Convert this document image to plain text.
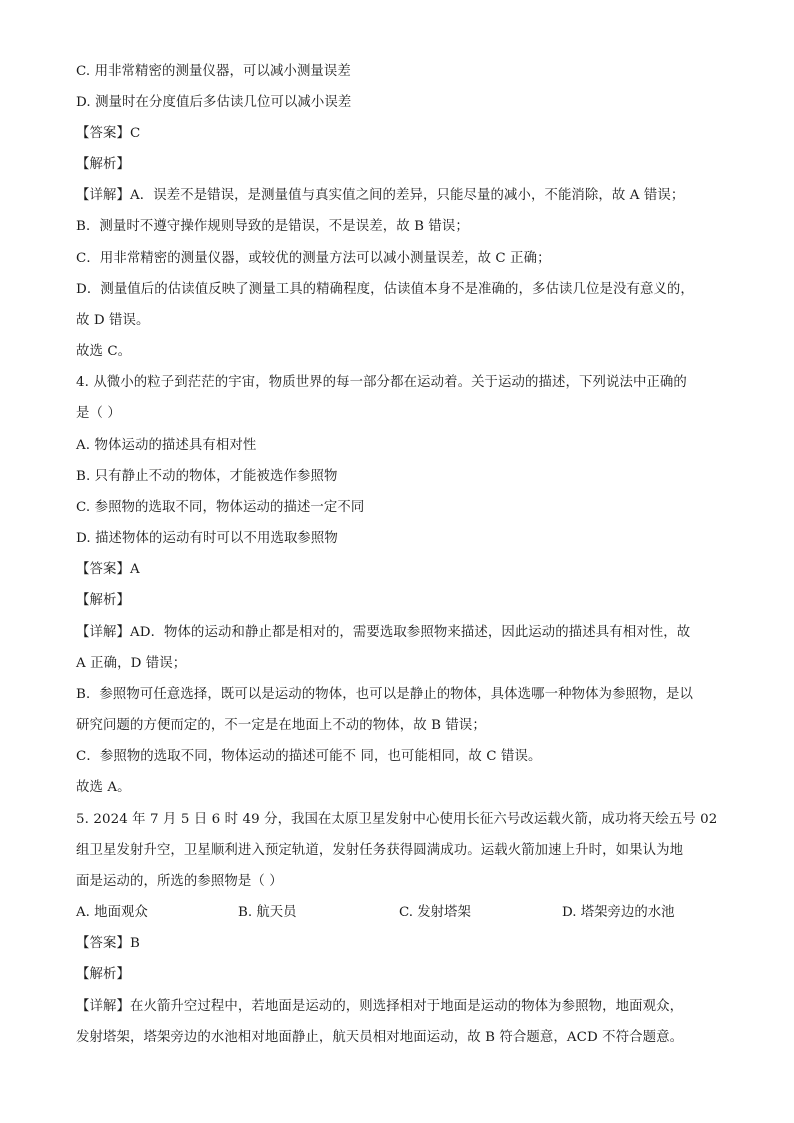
C. 用非常精密的测量仪器，可以减小测量误差
D. 测量时在分度值后多估读几位可以减小误差
【答案】C
【解析】
【详解】A．误差不是错误，是测量值与真实值之间的差异，只能尽量的减小，不能消除，故 A 错误；
B．测量时不遵守操作规则导致的是错误，不是误差，故 B 错误；
C．用非常精密的测量仪器，或较优的测量方法可以减小测量误差，故 C 正确；
D．测量值后的估读值反映了测量工具的精确程度，估读值本身不是准确的，多估读几位是没有意义的，
故 D 错误。
故选 C。
4. 从微小的粒子到茫茫的宇宙，物质世界的每一部分都在运动着。关于运动的描述，下列说法中正确的
是（ ）
A. 物体运动的描述具有相对性
B. 只有静止不动的物体，才能被选作参照物
C. 参照物的选取不同，物体运动的描述一定不同
D. 描述物体的运动有时可以不用选取参照物
【答案】A
【解析】
【详解】AD．物体的运动和静止都是相对的，需要选取参照物来描述，因此运动的描述具有相对性，故
A 正确，D 错误；
B．参照物可任意选择，既可以是运动的物体，也可以是静止的物体，具体选哪一种物体为参照物，是以
研究问题的方便而定的，不一定是在地面上不动的物体，故 B 错误；
C．参照物的选取不同，物体运动的描述可能不 同，也可能相同，故 C 错误。
故选 A。
5. 2024 年 7 月 5 日 6 时 49 分，我国在太原卫星发射中心使用长征六号改运载火箭，成功将天绘五号 02
组卫星发射升空，卫星顺利进入预定轨道，发射任务获得圆满成功。运载火箭加速上升时，如果认为地
面是运动的，所选的参照物是（ ）
A. 地面观众	B. 航天员	C. 发射塔架	D. 塔架旁边的水池
【答案】B
【解析】
【详解】在火箭升空过程中，若地面是运动的，则选择相对于地面是运动的物体为参照物，地面观众，
发射塔架，塔架旁边的水池相对地面静止，航天员相对地面运动，故 B 符合题意，ACD 不符合题意。
